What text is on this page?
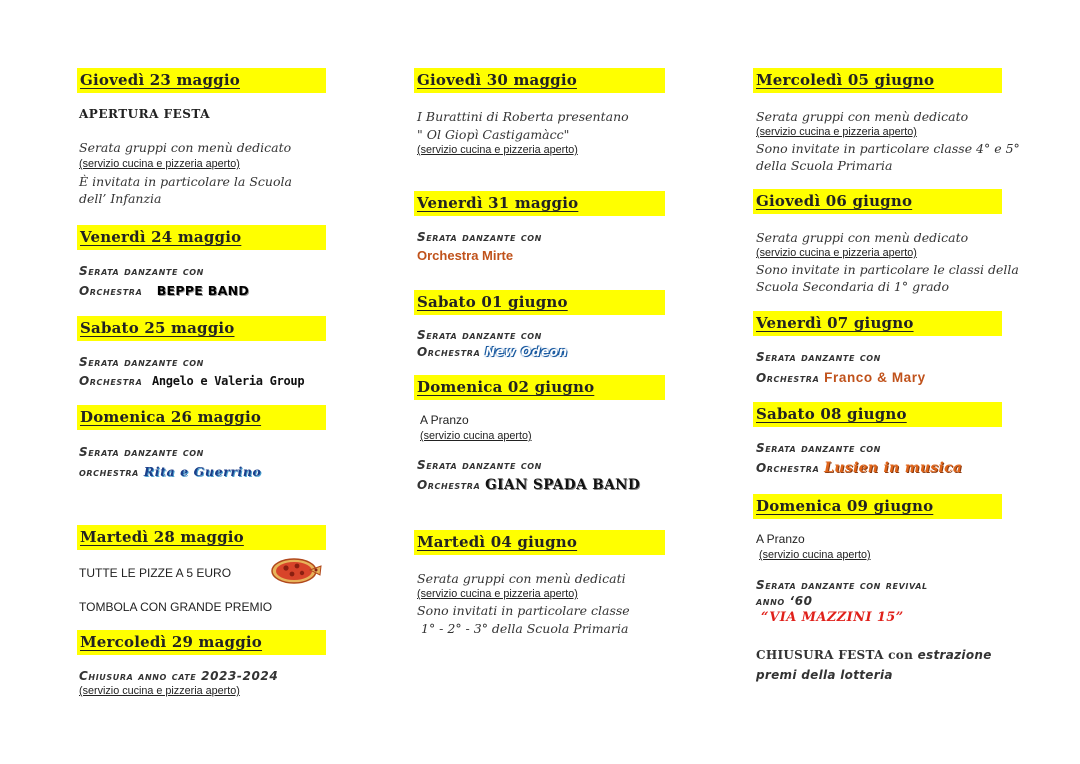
Giovedì 23 maggio
APERTURA FESTA
Serata gruppi con menù dedicato
(servizio cucina e pizzeria aperto)
È invitata in particolare la Scuola
dell’ Infanzia
Venerdì 24 maggio
Serata danzante con
Orchestra BEPPE BAND
Sabato 25 maggio
Serata danzante con
Orchestra Angelo e Valeria Group
Domenica 26 maggio
Serata danzante con
orchestra Rita e Guerrino
Martedì 28 maggio
TUTTE LE PIZZE A 5 EURO
TOMBOLA CON GRANDE PREMIO
Mercoledì 29 maggio
Chiusura anno cate 2023-2024
(servizio cucina e pizzeria aperto)
Giovedì 30 maggio
I Burattini di Roberta presentano
" Ol Giopì Castigamàcc"
(servizio cucina e pizzeria aperto)
Venerdì 31 maggio
Serata danzante con
Orchestra Mirte
Sabato 01 giugno
Serata danzante con
Orchestra New Odeon
Domenica 02 giugno
A Pranzo
(servizio cucina aperto)
Serata danzante con
Orchestra GIAN SPADA BAND
Martedì 04 giugno
Serata gruppi con menù dedicati
(servizio cucina e pizzeria aperto)
Sono invitati in particolare classe
1° - 2° - 3° della Scuola Primaria
Mercoledì 05 giugno
Serata gruppi con menù dedicato
(servizio cucina e pizzeria aperto)
Sono invitate in particolare classe 4° e 5°
della Scuola Primaria
Giovedì 06 giugno
Serata gruppi con menù dedicato
(servizio cucina e pizzeria aperto)
Sono invitate in particolare le classi della
Scuola Secondaria di 1° grado
Venerdì 07 giugno
Serata danzante con
Orchestra Franco & Mary
Sabato 08 giugno
Serata danzante con
Orchestra Lusien in musica
Domenica 09 giugno
A Pranzo
(servizio cucina aperto)
Serata danzante con revival
anno ‘60
“VIA MAZZINI 15”
CHIUSURA FESTA con estrazione
premi della lotteria
